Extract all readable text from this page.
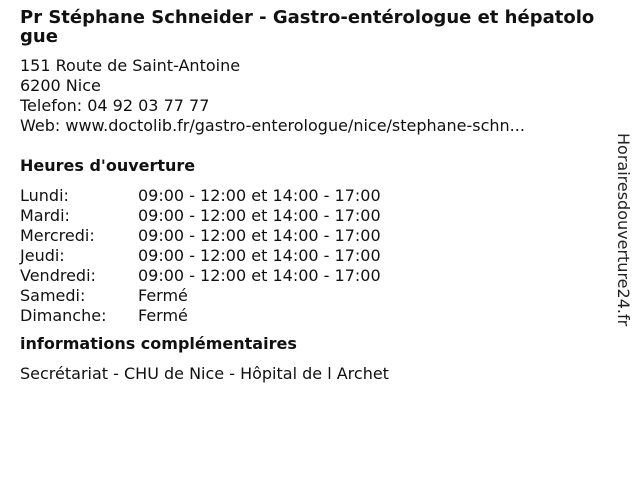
Pr Stéphane Schneider - Gastro-entérologue et hépatologue
151 Route de Saint-Antoine
6200 Nice
Telefon: 04 92 03 77 77
Web: www.doctolib.fr/gastro-enterologue/nice/stephane-schn...
Heures d'ouverture
Lundi:	09:00 - 12:00 et 14:00 - 17:00
Mardi:	09:00 - 12:00 et 14:00 - 17:00
Mercredi:	09:00 - 12:00 et 14:00 - 17:00
Jeudi:	09:00 - 12:00 et 14:00 - 17:00
Vendredi:	09:00 - 12:00 et 14:00 - 17:00
Samedi:	Fermé
Dimanche:	Fermé
informations complémentaires
Secrétariat - CHU de Nice - Hôpital de l Archet
Horairesdouverture24.fr
